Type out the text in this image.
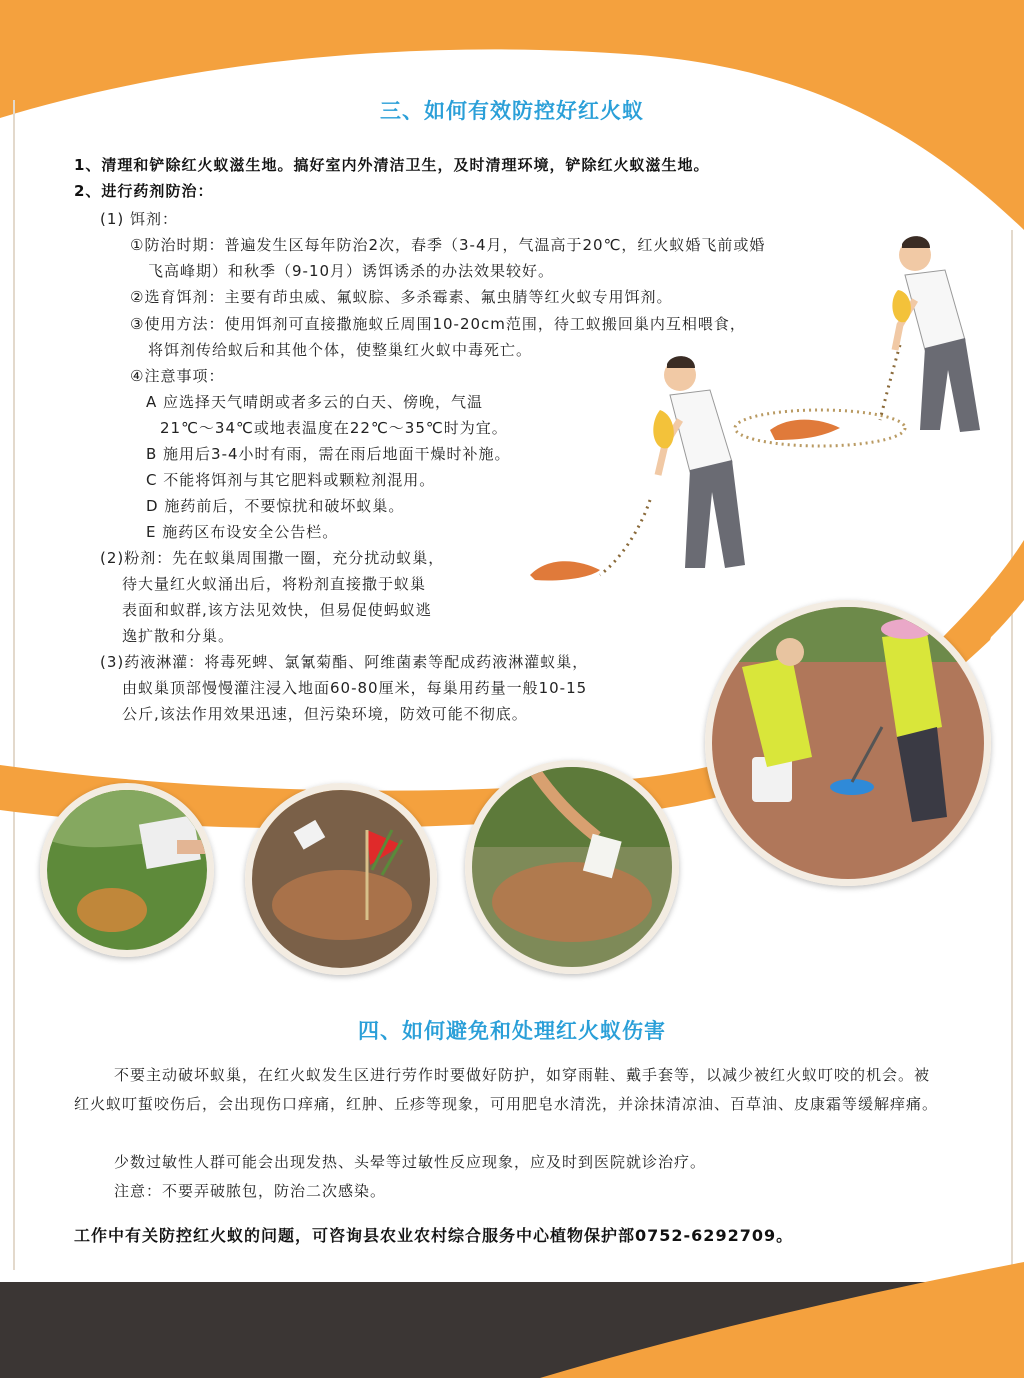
三、如何有效防控好红火蚁
1、清理和铲除红火蚁滋生地。搞好室内外清洁卫生，及时清理环境，铲除红火蚁滋生地。
2、进行药剂防治：
(1) 饵剂：
①防治时期：普遍发生区每年防治2次，春季（3-4月，气温高于20℃，红火蚁婚飞前或婚
飞高峰期）和秋季（9-10月）诱饵诱杀的办法效果较好。
②选育饵剂：主要有茚虫威、氟蚁腙、多杀霉素、氟虫腈等红火蚁专用饵剂。
③使用方法：使用饵剂可直接撒施蚁丘周围10-20cm范围，待工蚁搬回巢内互相喂食，
将饵剂传给蚁后和其他个体，使整巢红火蚁中毒死亡。
④注意事项：
A 应选择天气晴朗或者多云的白天、傍晚，气温
21℃～34℃或地表温度在22℃～35℃时为宜。
B 施用后3-4小时有雨，需在雨后地面干燥时补施。
C 不能将饵剂与其它肥料或颗粒剂混用。
D 施药前后，不要惊扰和破坏蚁巢。
E 施药区布设安全公告栏。
(2)粉剂：先在蚁巢周围撒一圈，充分扰动蚁巢，
待大量红火蚁涌出后，将粉剂直接撒于蚁巢
表面和蚁群,该方法见效快，但易促使蚂蚁逃
逸扩散和分巢。
(3)药液淋灌：将毒死蜱、氯氰菊酯、阿维菌素等配成药液淋灌蚁巢，
由蚁巢顶部慢慢灌注浸入地面60-80厘米，每巢用药量一般10-15
公斤,该法作用效果迅速，但污染环境，防效可能不彻底。
四、如何避免和处理红火蚁伤害
不要主动破坏蚁巢，在红火蚁发生区进行劳作时要做好防护，如穿雨鞋、戴手套等，以减少被红火蚁叮咬的机会。被红火蚁叮蜇咬伤后，会出现伤口痒痛，红肿、丘疹等现象，可用肥皂水清洗，并涂抹清凉油、百草油、皮康霜等缓解痒痛。
少数过敏性人群可能会出现发热、头晕等过敏性反应现象，应及时到医院就诊治疗。
注意：不要弄破脓包，防治二次感染。
工作中有关防控红火蚁的问题，可咨询县农业农村综合服务中心植物保护部0752-6292709。
